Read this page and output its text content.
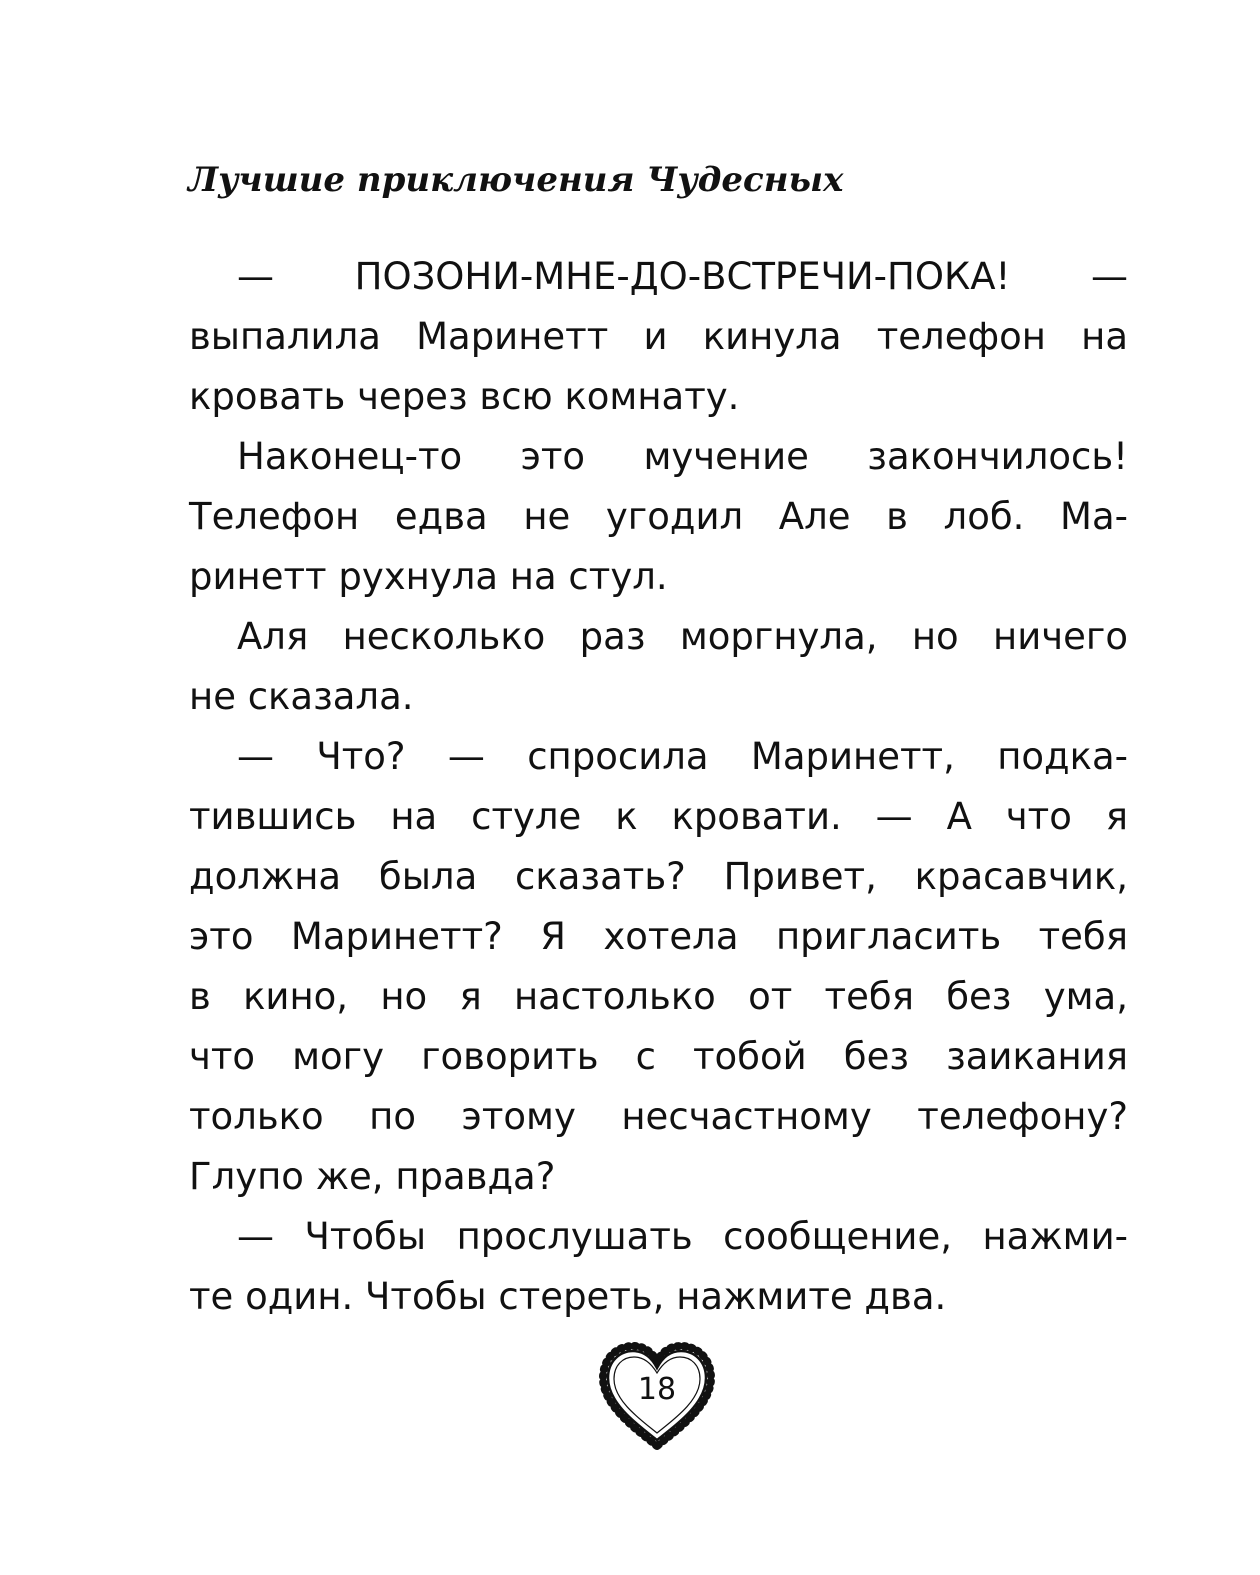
Лучшие приключения Чудесных
— ПОЗОНИ-МНЕ-ДО-ВСТРЕЧИ-ПОКА! —
выпалила Маринетт и кинула телефон на
кровать через всю комнату.
Наконец-то это мучение закончилось!
Телефон едва не угодил Але в лоб. Ма-
ринетт рухнула на стул.
Аля несколько раз моргнула, но ничего
не сказала.
— Что? — спросила Маринетт, подка-
тившись на стуле к кровати. — А что я
должна была сказать? Привет, красавчик,
это Маринетт? Я хотела пригласить тебя
в кино, но я настолько от тебя без ума,
что могу говорить с тобой без заикания
только по этому несчастному телефону?
Глупо же, правда?
— Чтобы прослушать сообщение, нажми-
те один. Чтобы стереть, нажмите два.
18
